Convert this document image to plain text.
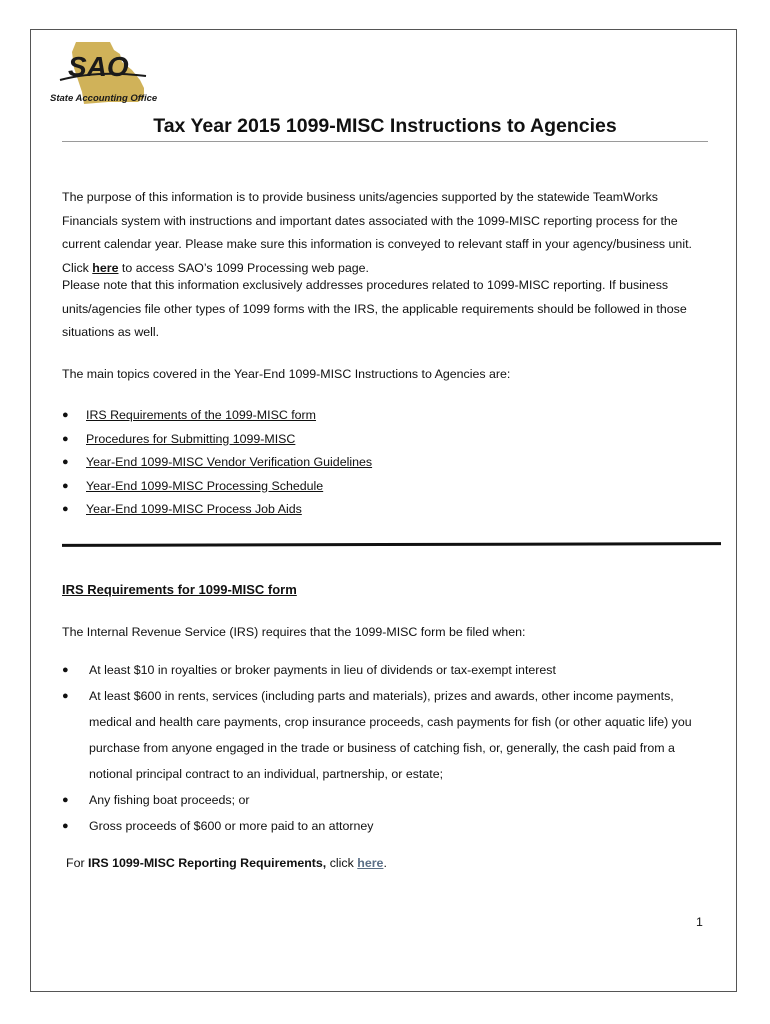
SAO
State Accounting Office
Tax Year 2015 1099-MISC Instructions to Agencies

The purpose of this information is to provide business units/agencies supported by the statewide TeamWorks Financials system with instructions and important dates associated with the 1099-MISC reporting process for the current calendar year. Please make sure this information is conveyed to relevant staff in your agency/business unit. Click here to access SAO’s 1099 Processing web page.

Please note that this information exclusively addresses procedures related to 1099-MISC reporting. If business units/agencies file other types of 1099 forms with the IRS, the applicable requirements should be followed in those situations as well.

The main topics covered in the Year-End 1099-MISC Instructions to Agencies are:

● IRS Requirements of the 1099-MISC form
● Procedures for Submitting 1099-MISC
● Year-End 1099-MISC Vendor Verification Guidelines
● Year-End 1099-MISC Processing Schedule
● Year-End 1099-MISC Process Job Aids
IRS Requirements for 1099-MISC form

The Internal Revenue Service (IRS) requires that the 1099-MISC form be filed when:

● At least $10 in royalties or broker payments in lieu of dividends or tax-exempt interest
● At least $600 in rents, services (including parts and materials), prizes and awards, other income payments, medical and health care payments, crop insurance proceeds, cash payments for fish (or other aquatic life) you purchase from anyone engaged in the trade or business of catching fish, or, generally, the cash paid from a notional principal contract to an individual, partnership, or estate;
● Any fishing boat proceeds; or
● Gross proceeds of $600 or more paid to an attorney

For IRS 1099-MISC Reporting Requirements, click here.

1
